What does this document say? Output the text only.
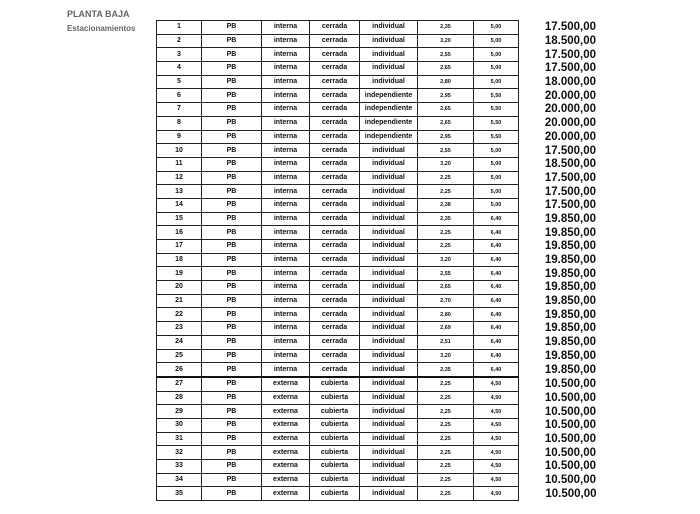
PLANTA BAJA
Estacionamientos	1	PB	interna	cerrada	individual	2,35	5,00	17.500,00
2	PB	interna	cerrada	individual	3,20	5,00	18.500,00
3	PB	interna	cerrada	individual	2,55	5,00	17.500,00
4	PB	interna	cerrada	individual	2,65	5,00	17.500,00
5	PB	interna	cerrada	individual	2,80	5,00	18.000,00
6	PB	interna	cerrada	independiente	2,95	5,50	20.000,00
7	PB	interna	cerrada	independiente	2,65	5,50	20.000,00
8	PB	interna	cerrada	independiente	2,65	5,50	20.000,00
9	PB	interna	cerrada	independiente	2,95	5,50	20.000,00
10	PB	interna	cerrada	individual	2,55	5,00	17.500,00
11	PB	interna	cerrada	individual	3,20	5,00	18.500,00
12	PB	interna	cerrada	individual	2,25	5,00	17.500,00
13	PB	interna	cerrada	individual	2,25	5,00	17.500,00
14	PB	interna	cerrada	individual	2,38	5,00	17.500,00
15	PB	interna	cerrada	individual	2,35	6,40	19.850,00
16	PB	interna	cerrada	individual	2,25	6,40	19.850,00
17	PB	interna	cerrada	individual	2,25	6,40	19.850,00
18	PB	interna	cerrada	individual	3,20	6,40	19.850,00
19	PB	interna	cerrada	individual	2,55	6,40	19.850,00
20	PB	interna	cerrada	individual	2,65	6,40	19.850,00
21	PB	interna	cerrada	individual	2,70	6,40	19.850,00
22	PB	interna	cerrada	individual	2,80	6,40	19.850,00
23	PB	interna	cerrada	individual	2,69	6,40	19.850,00
24	PB	interna	cerrada	individual	2,51	6,40	19.850,00
25	PB	interna	cerrada	individual	3,20	6,40	19.850,00
26	PB	interna	cerrada	individual	2,35	6,40	19.850,00
27	PB	externa	cubierta	individual	2,25	4,50	10.500,00
28	PB	externa	cubierta	individual	2,25	4,50	10.500,00
29	PB	externa	cubierta	individual	2,25	4,50	10.500,00
30	PB	externa	cubierta	individual	2,25	4,50	10.500,00
31	PB	externa	cubierta	individual	2,25	4,50	10.500,00
32	PB	externa	cubierta	individual	2,25	4,50	10.500,00
33	PB	externa	cubierta	individual	2,25	4,50	10.500,00
34	PB	externa	cubierta	individual	2,25	4,50	10.500,00
35	PB	externa	cubierta	individual	2,25	4,50	10.500,00
